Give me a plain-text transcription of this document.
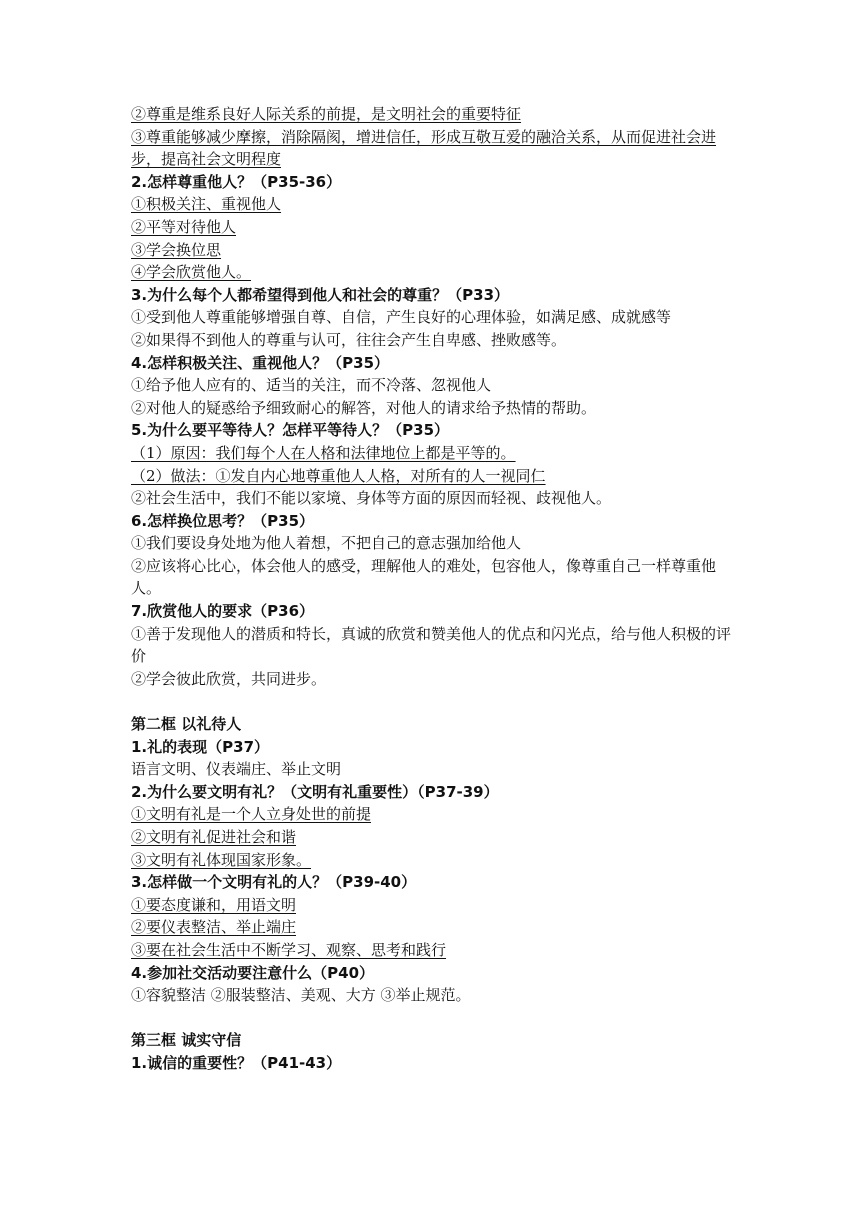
②尊重是维系良好人际关系的前提，是文明社会的重要特征

③尊重能够减少摩擦，消除隔阂，增进信任，形成互敬互爱的融洽关系，从而促进社会进步，提高社会文明程度

2.怎样尊重他人？（P35-36）

①积极关注、重视他人

②平等对待他人

③学会换位思

④学会欣赏他人。

3.为什么每个人都希望得到他人和社会的尊重？（P33）

①受到他人尊重能够增强自尊、自信，产生良好的心理体验，如满足感、成就感等

②如果得不到他人的尊重与认可，往往会产生自卑感、挫败感等。

4.怎样积极关注、重视他人？（P35）

①给予他人应有的、适当的关注，而不冷落、忽视他人

②对他人的疑惑给予细致耐心的解答，对他人的请求给予热情的帮助。

5.为什么要平等待人？怎样平等待人？（P35）

（1）原因：我们每个人在人格和法律地位上都是平等的。

（2）做法：①发自内心地尊重他人人格，对所有的人一视同仁

②社会生活中，我们不能以家境、身体等方面的原因而轻视、歧视他人。

6.怎样换位思考？（P35）

①我们要设身处地为他人着想，不把自己的意志强加给他人

②应该将心比心，体会他人的感受，理解他人的难处，包容他人，像尊重自己一样尊重他人。

7.欣赏他人的要求（P36）

①善于发现他人的潜质和特长，真诚的欣赏和赞美他人的优点和闪光点，给与他人积极的评价

②学会彼此欣赏，共同进步。

第二框 以礼待人

1.礼的表现（P37）

语言文明、仪表端庄、举止文明

2.为什么要文明有礼？（文明有礼重要性）（P37-39）

①文明有礼是一个人立身处世的前提

②文明有礼促进社会和谐

③文明有礼体现国家形象。

3.怎样做一个文明有礼的人？（P39-40）

①要态度谦和，用语文明

②要仪表整洁、举止端庄

③要在社会生活中不断学习、观察、思考和践行

4.参加社交活动要注意什么（P40）

①容貌整洁 ②服装整洁、美观、大方 ③举止规范。

第三框 诚实守信

1.诚信的重要性？（P41-43）
